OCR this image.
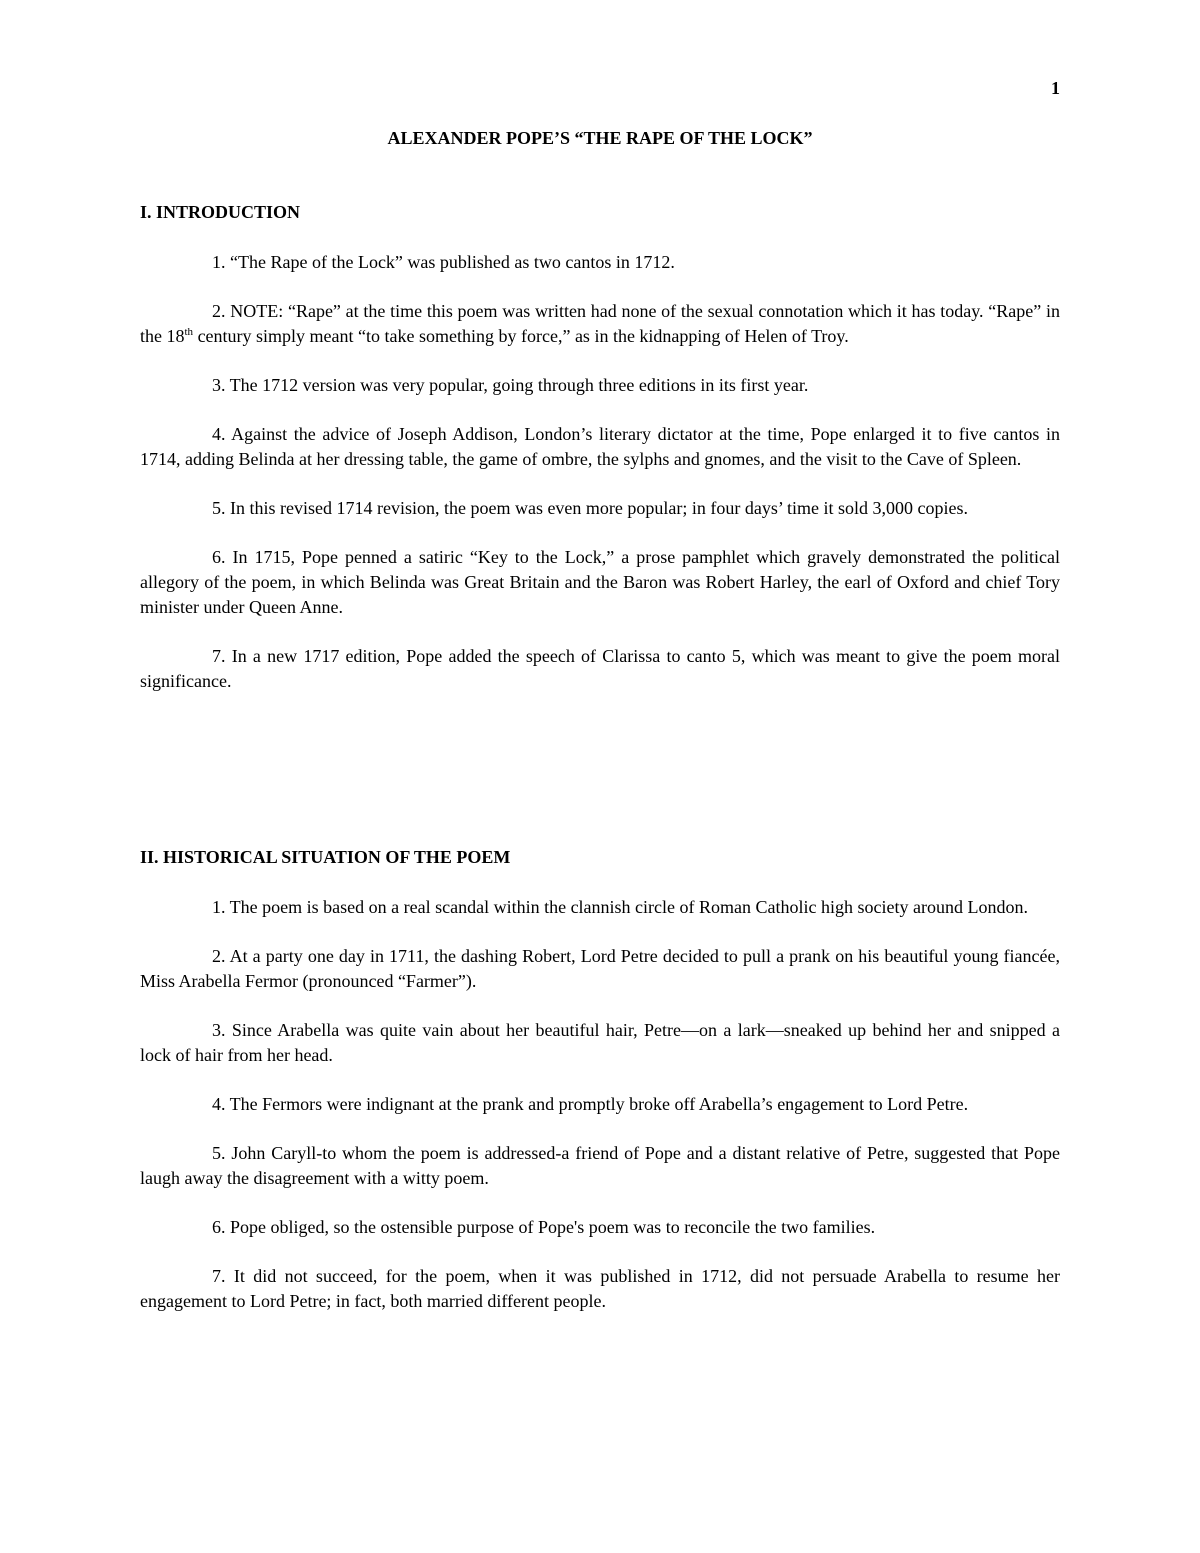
1
ALEXANDER POPE’S “THE RAPE OF THE LOCK”
I. INTRODUCTION

1. “The Rape of the Lock” was published as two cantos in 1712.

2. NOTE: “Rape” at the time this poem was written had none of the sexual connotation which it has today. “Rape” in the 18th century simply meant “to take something by force,” as in the kidnapping of Helen of Troy.

3. The 1712 version was very popular, going through three editions in its first year.

4. Against the advice of Joseph Addison, London’s literary dictator at the time, Pope enlarged it to five cantos in 1714, adding Belinda at her dressing table, the game of ombre, the sylphs and gnomes, and the visit to the Cave of Spleen.

5. In this revised 1714 revision, the poem was even more popular; in four days’ time it sold 3,000 copies.

6. In 1715, Pope penned a satiric “Key to the Lock,” a prose pamphlet which gravely demonstrated the political allegory of the poem, in which Belinda was Great Britain and the Baron was Robert Harley, the earl of Oxford and chief Tory minister under Queen Anne.

7. In a new 1717 edition, Pope added the speech of Clarissa to canto 5, which was meant to give the poem moral significance.

II. HISTORICAL SITUATION OF THE POEM

1. The poem is based on a real scandal within the clannish circle of Roman Catholic high society around London.

2. At a party one day in 1711, the dashing Robert, Lord Petre decided to pull a prank on his beautiful young fiancée, Miss Arabella Fermor (pronounced “Farmer”).

3. Since Arabella was quite vain about her beautiful hair, Petre—on a lark—sneaked up behind her and snipped a lock of hair from her head.

4. The Fermors were indignant at the prank and promptly broke off Arabella’s engagement to Lord Petre.

5. John Caryll-to whom the poem is addressed-a friend of Pope and a distant relative of Petre, suggested that Pope laugh away the disagreement with a witty poem.

6. Pope obliged, so the ostensible purpose of Pope's poem was to reconcile the two families.

7. It did not succeed, for the poem, when it was published in 1712, did not persuade Arabella to resume her engagement to Lord Petre; in fact, both married different people.
